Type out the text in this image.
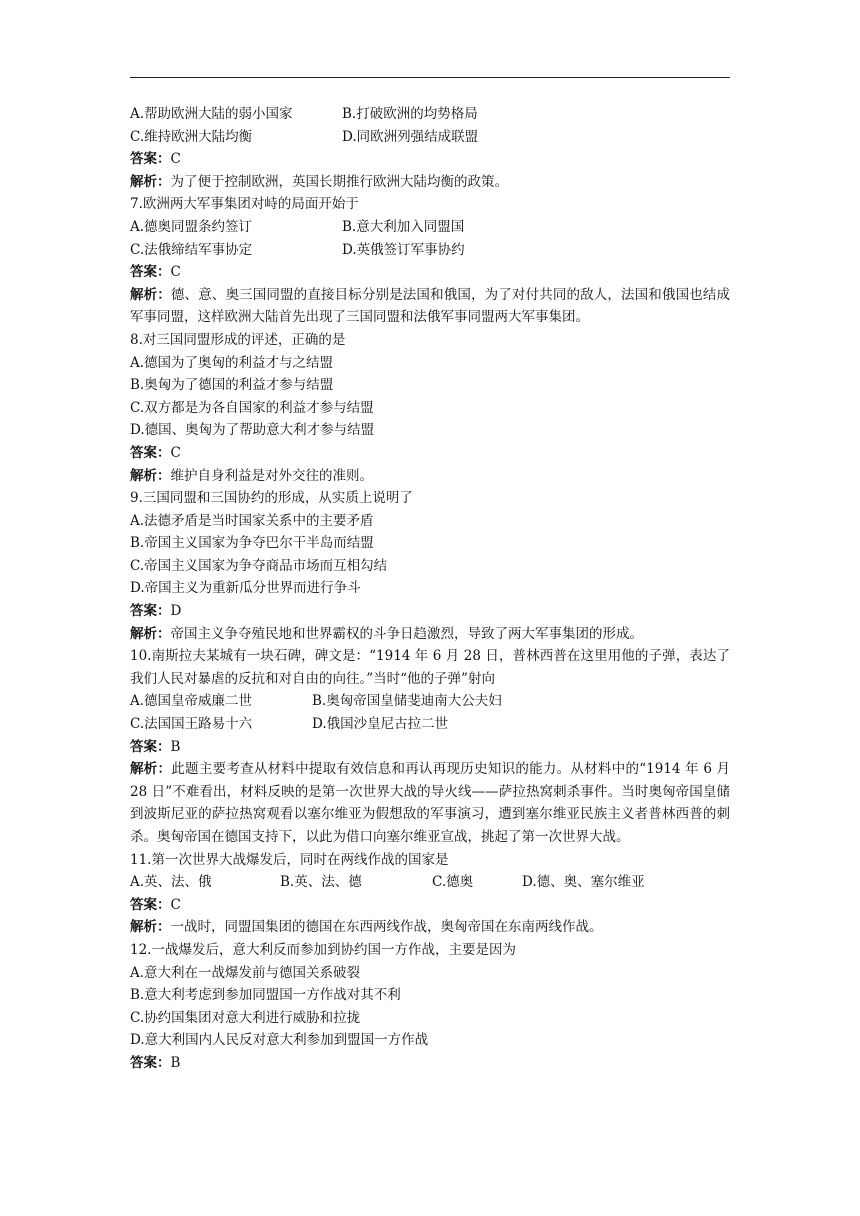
A.帮助欧洲大陆的弱小国家	B.打破欧洲的均势格局
C.维持欧洲大陆均衡	D.同欧洲列强结成联盟
答案：C
解析：为了便于控制欧洲，英国长期推行欧洲大陆均衡的政策。
7.欧洲两大军事集团对峙的局面开始于
A.德奥同盟条约签订	B.意大利加入同盟国
C.法俄缔结军事协定	D.英俄签订军事协约
答案：C
解析：德、意、奥三国同盟的直接目标分别是法国和俄国，为了对付共同的敌人，法国和俄国也结成军事同盟，这样欧洲大陆首先出现了三国同盟和法俄军事同盟两大军事集团。
8.对三国同盟形成的评述，正确的是
A.德国为了奥匈的利益才与之结盟
B.奥匈为了德国的利益才参与结盟
C.双方都是为各自国家的利益才参与结盟
D.德国、奥匈为了帮助意大利才参与结盟
答案：C
解析：维护自身利益是对外交往的准则。
9.三国同盟和三国协约的形成，从实质上说明了
A.法德矛盾是当时国家关系中的主要矛盾
B.帝国主义国家为争夺巴尔干半岛而结盟
C.帝国主义国家为争夺商品市场而互相勾结
D.帝国主义为重新瓜分世界而进行争斗
答案：D
解析：帝国主义争夺殖民地和世界霸权的斗争日趋激烈，导致了两大军事集团的形成。
10.南斯拉夫某城有一块石碑，碑文是：“1914 年 6 月 28 日，普林西普在这里用他的子弹，表达了我们人民对暴虐的反抗和对自由的向往。”当时“他的子弹”射向
A.德国皇帝威廉二世	B.奥匈帝国皇储斐迪南大公夫妇
C.法国国王路易十六	D.俄国沙皇尼古拉二世
答案：B
解析：此题主要考查从材料中提取有效信息和再认再现历史知识的能力。从材料中的“1914 年 6 月 28 日”不难看出，材料反映的是第一次世界大战的导火线——萨拉热窝刺杀事件。当时奥匈帝国皇储到波斯尼亚的萨拉热窝观看以塞尔维亚为假想敌的军事演习，遭到塞尔维亚民族主义者普林西普的刺杀。奥匈帝国在德国支持下，以此为借口向塞尔维亚宣战，挑起了第一次世界大战。
11.第一次世界大战爆发后，同时在两线作战的国家是
A.英、法、俄	B.英、法、德	C.德奥	D.德、奥、塞尔维亚
答案：C
解析：一战时，同盟国集团的德国在东西两线作战，奥匈帝国在东南两线作战。
12.一战爆发后，意大利反而参加到协约国一方作战，主要是因为
A.意大利在一战爆发前与德国关系破裂
B.意大利考虑到参加同盟国一方作战对其不利
C.协约国集团对意大利进行威胁和拉拢
D.意大利国内人民反对意大利参加到盟国一方作战
答案：B
